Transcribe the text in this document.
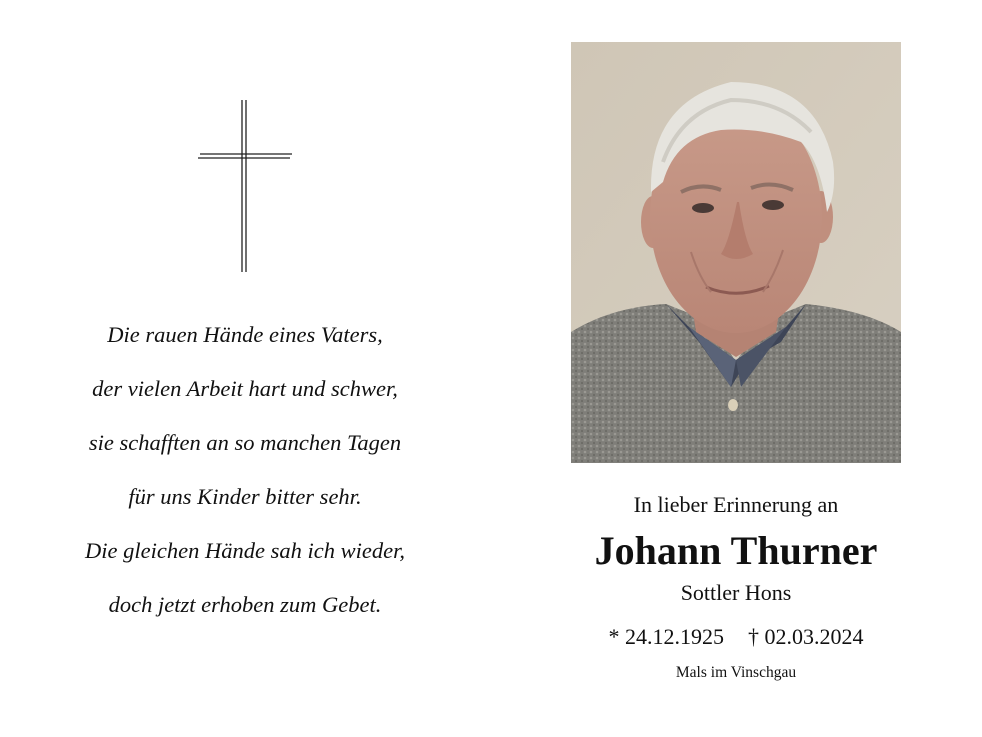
Die rauen Hände eines Vaters,
der vielen Arbeit hart und schwer,
sie schafften an so manchen Tagen
für uns Kinder bitter sehr.
Die gleichen Hände sah ich wieder,
doch jetzt erhoben zum Gebet.
In lieber Erinnerung an
Johann Thurner
Sottler Hons
* 24.12.1925 † 02.03.2024
Mals im Vinschgau
